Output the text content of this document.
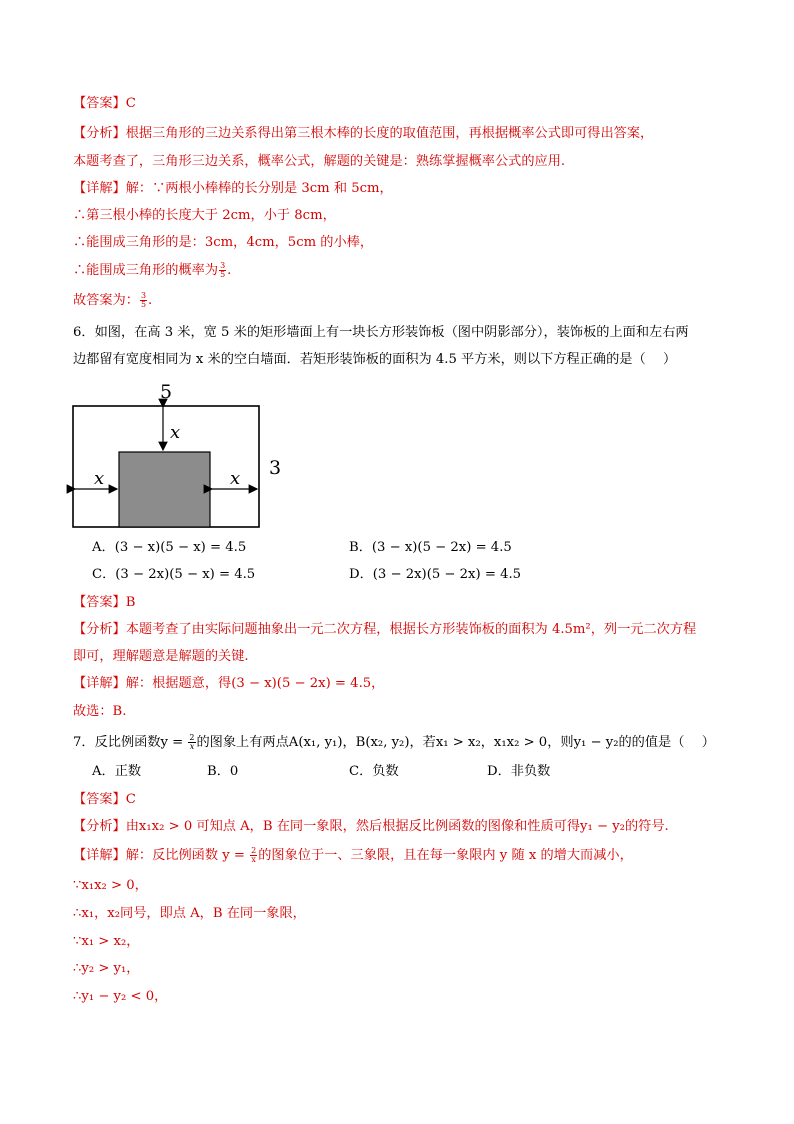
【答案】C
【分析】根据三角形的三边关系得出第三根木棒的长度的取值范围，再根据概率公式即可得出答案，
本题考查了，三角形三边关系，概率公式，解题的关键是：熟练掌握概率公式的应用.
【详解】解：∵两根小棒棒的长分别是 3cm 和 5cm，
∴第三根小棒的长度大于 2cm，小于 8cm，
∴能围成三角形的是：3cm，4cm，5cm 的小棒，
∴能围成三角形的概率为 $\frac{3}{5}$ .
故答案为： $\frac{3}{5}$ .
6．如图，在高 3 米，宽 5 米的矩形墙面上有一块长方形装饰板（图中阴影部分），装饰板的上面和左右两
边都留有宽度相同为 x 米的空白墙面．若矩形装饰板的面积为 4.5 平方米，则以下方程正确的是（　 ）
5
3
x
x	x
A．(3 − x)(5 − x) = 4.5	B．(3 − x)(5 − 2x) = 4.5
C．(3 − 2x)(5 − x) = 4.5	D．(3 − 2x)(5 − 2x) = 4.5
【答案】B
【分析】本题考查了由实际问题抽象出一元二次方程，根据长方形装饰板的面积为 4.5m²，列一元二次方程
即可，理解题意是解题的关键.
【详解】解：根据题意，得(3 − x)(5 − 2x) = 4.5，
故选：B.
7．反比例函数$y = \frac{2}{x}$ 的图象上有两点A(x₁, y₁)，B(x₂, y₂)，若x₁ > x₂，x₁x₂ > 0，则y₁ − y₂的的值是（　 ）
A．正数	B．0	C．负数	D．非负数
【答案】C
【分析】由x₁x₂ > 0 可知点 A，B 在同一象限，然后根据反比例函数的图像和性质可得y₁ − y₂的符号.
【详解】解：反比例函数 $y = \frac{2}{x}$ 的图象位于一、三象限，且在每一象限内 y 随 x 的增大而减小，
∵x₁x₂ > 0，
∴x₁，x₂同号，即点 A，B 在同一象限，
∵x₁ > x₂，
∴y₂ > y₁，
∴y₁ − y₂ < 0，
